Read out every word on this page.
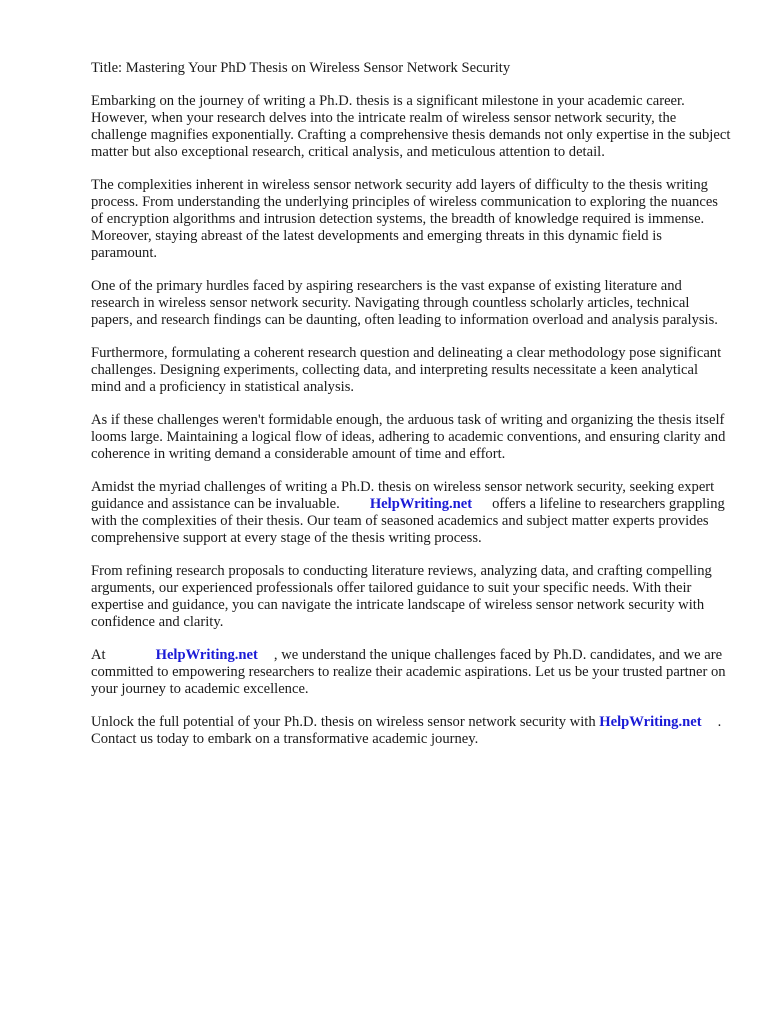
Title: Mastering Your PhD Thesis on Wireless Sensor Network Security

Embarking on the journey of writing a Ph.D. thesis is a significant milestone in your academic career. However, when your research delves into the intricate realm of wireless sensor network security, the challenge magnifies exponentially. Crafting a comprehensive thesis demands not only expertise in the subject matter but also exceptional research, critical analysis, and meticulous attention to detail.

The complexities inherent in wireless sensor network security add layers of difficulty to the thesis writing process. From understanding the underlying principles of wireless communication to exploring the nuances of encryption algorithms and intrusion detection systems, the breadth of knowledge required is immense. Moreover, staying abreast of the latest developments and emerging threats in this dynamic field is paramount.

One of the primary hurdles faced by aspiring researchers is the vast expanse of existing literature and research in wireless sensor network security. Navigating through countless scholarly articles, technical papers, and research findings can be daunting, often leading to information overload and analysis paralysis.

Furthermore, formulating a coherent research question and delineating a clear methodology pose significant challenges. Designing experiments, collecting data, and interpreting results necessitate a keen analytical mind and a proficiency in statistical analysis.

As if these challenges weren't formidable enough, the arduous task of writing and organizing the thesis itself looms large. Maintaining a logical flow of ideas, adhering to academic conventions, and ensuring clarity and coherence in writing demand a considerable amount of time and effort.

Amidst the myriad challenges of writing a Ph.D. thesis on wireless sensor network security, seeking expert guidance and assistance can be invaluable. HelpWriting.net offers a lifeline to researchers grappling with the complexities of their thesis. Our team of seasoned academics and subject matter experts provides comprehensive support at every stage of the thesis writing process.

From refining research proposals to conducting literature reviews, analyzing data, and crafting compelling arguments, our experienced professionals offer tailored guidance to suit your specific needs. With their expertise and guidance, you can navigate the intricate landscape of wireless sensor network security with confidence and clarity.

At	HelpWriting.net , we understand the unique challenges faced by Ph.D. candidates, and we are committed to empowering researchers to realize their academic aspirations. Let us be your trusted partner on your journey to academic excellence.

Unlock the full potential of your Ph.D. thesis on wireless sensor network security with HelpWriting.net . Contact us today to embark on a transformative academic journey.
